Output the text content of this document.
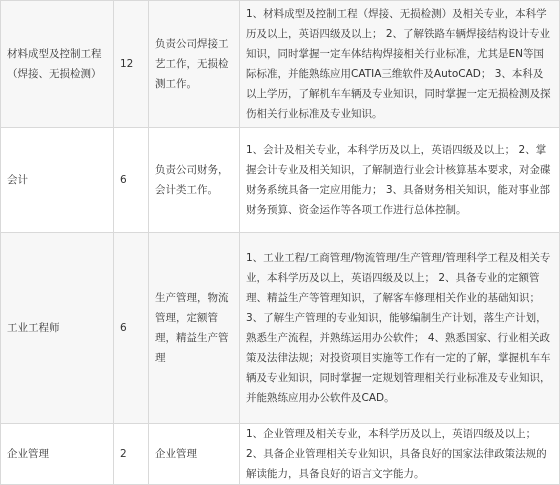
材料成型及控制工程（焊接、无损检测）	12	负责公司焊接工艺工作，无损检测工作。	1、材料成型及控制工程（焊接、无损检测）及相关专业，本科学历及以上，英语四级及以上； 2、了解铁路车辆焊接结构设计专业知识，同时掌握一定车体结构焊接相关行业标准，尤其是EN等国际标准，并能熟练应用CATIA三维软件及AutoCAD； 3、本科及以上学历，了解机车车辆及专业知识，同时掌握一定无损检测及探伤相关行业标准及专业知识。
会计	6	负责公司财务，会计类工作。	1、会计及相关专业，本科学历及以上，英语四级及以上； 2、掌握会计专业及相关知识，了解制造行业会计核算基本要求，对金碟财务系统具备一定应用能力； 3、具备财务相关知识，能对事业部财务预算、资金运作等各项工作进行总体控制。
工业工程师	6	生产管理，物流管理，定额管理，精益生产管理	1、工业工程/工商管理/物流管理/生产管理/管理科学工程及相关专业，本科学历及以上，英语四级及以上； 2、具备专业的定额管理、精益生产等管理知识，了解客车修理相关作业的基础知识； 3、了解生产管理的专业知识，能够编制生产计划，落生产计划，熟悉生产流程，并熟练运用办公软件； 4、熟悉国家、行业相关政策及法律法规；对投资项目实施等工作有一定的了解，掌握机车车辆及专业知识，同时掌握一定规划管理相关行业标准及专业知识，并能熟练应用办公软件及CAD。
企业管理	2	企业管理	1、企业管理及相关专业，本科学历及以上，英语四级及以上； 2、具备企业管理相关专业知识，具备良好的国家法律政策法规的解读能力，具备良好的语言文字能力。
